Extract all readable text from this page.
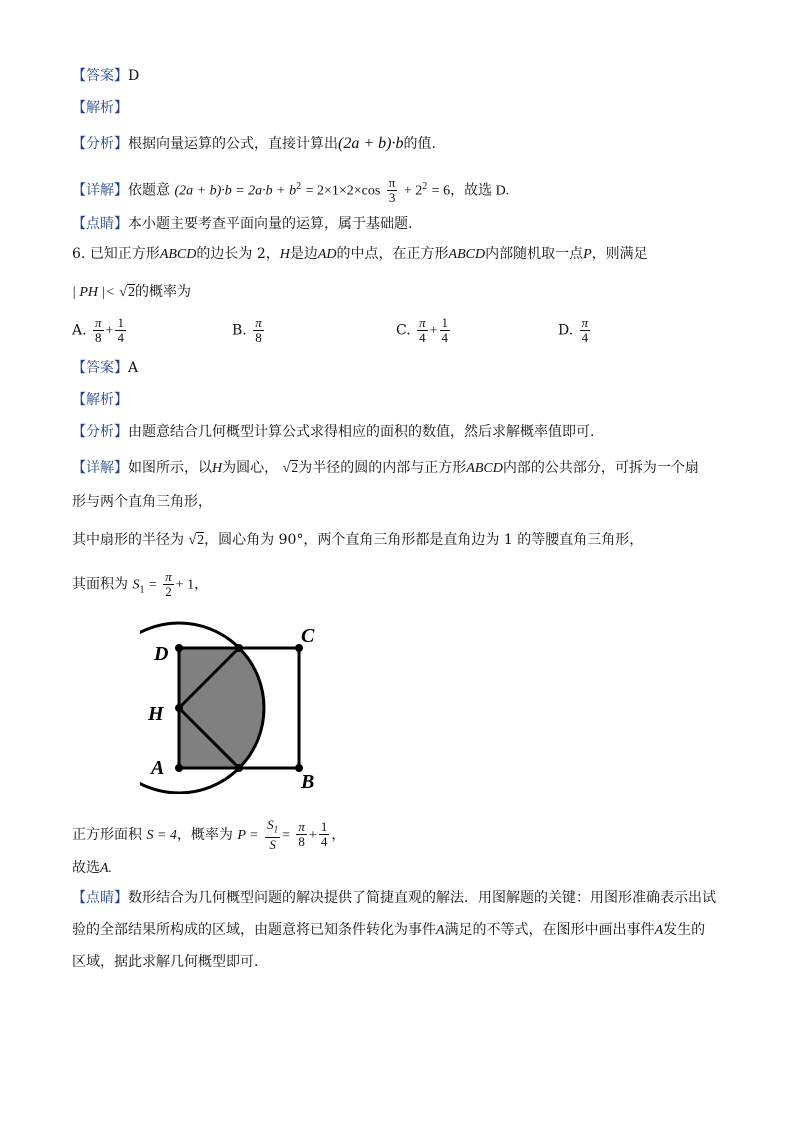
【答案】D
【解析】
【分析】根据向量运算的公式，直接计算出(2a + b)·b的值.
【详解】依题意 $(2a + b)\cdot b = 2a\cdot b + b^2 = 2\times 1\times 2\times\cos \frac{\pi}{3} + 2^2 = 6$，故选 D.
【点睛】本小题主要考查平面向量的运算，属于基础题.
6. 已知正方形ABCD的边长为 2，H是边AD的中点，在正方形ABCD内部随机取一点P，则满足
| PH |< √2的概率为
A. $\frac{\pi}{8} + \frac{1}{4}$	B. $\frac{\pi}{8}$	C. $\frac{\pi}{4} + \frac{1}{4}$	D. $\frac{\pi}{4}$
【答案】A
【解析】
【分析】由题意结合几何概型计算公式求得相应的面积的数值，然后求解概率值即可.
【详解】如图所示，以H为圆心， √2为半径的圆的内部与正方形ABCD内部的公共部分，可拆为一个扇
形与两个直角三角形，
其中扇形的半径为 √2，圆心角为 90°，两个直角三角形都是直角边为 1 的等腰直角三角形，
其面积为 $S_1 = \frac{\pi}{2} + 1$，
D
H
A
C
B
正方形面积 S = 4，概率为 $P = \frac{S_1}{S} = \frac{\pi}{8} + \frac{1}{4}$ ，
故选A.
【点睛】数形结合为几何概型问题的解决提供了简捷直观的解法．用图解题的关键：用图形准确表示出试
验的全部结果所构成的区域，由题意将已知条件转化为事件A满足的不等式，在图形中画出事件A发生的
区域，据此求解几何概型即可.
